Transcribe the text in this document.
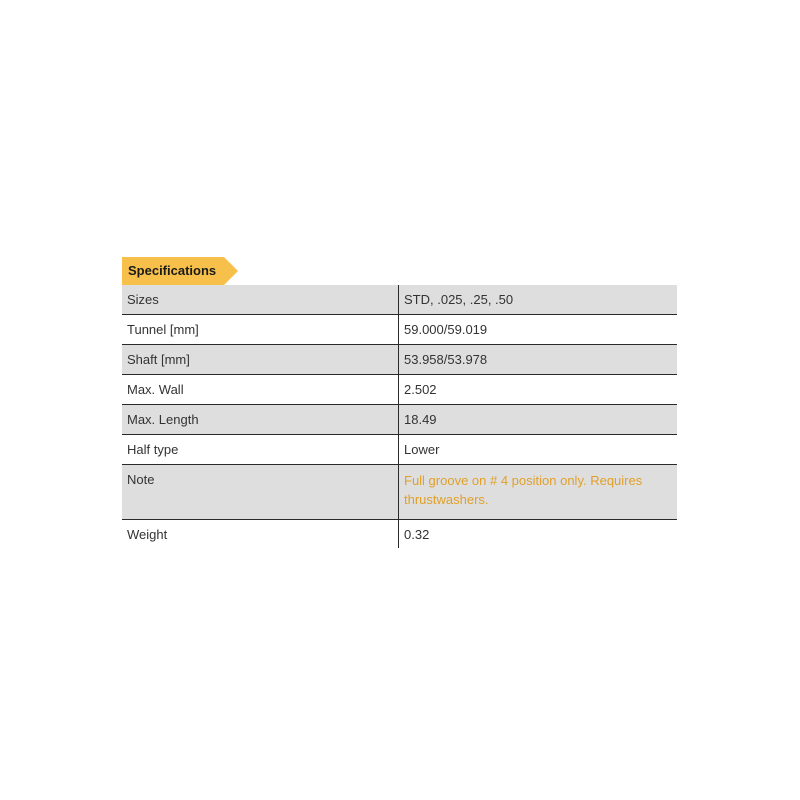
Specifications
Sizes	STD, .025, .25, .50
Tunnel [mm]	59.000/59.019
Shaft [mm]	53.958/53.978
Max. Wall	2.502
Max. Length	18.49
Half type	Lower
Note	Full groove on # 4 position only. Requires thrustwashers.
Weight	0.32
